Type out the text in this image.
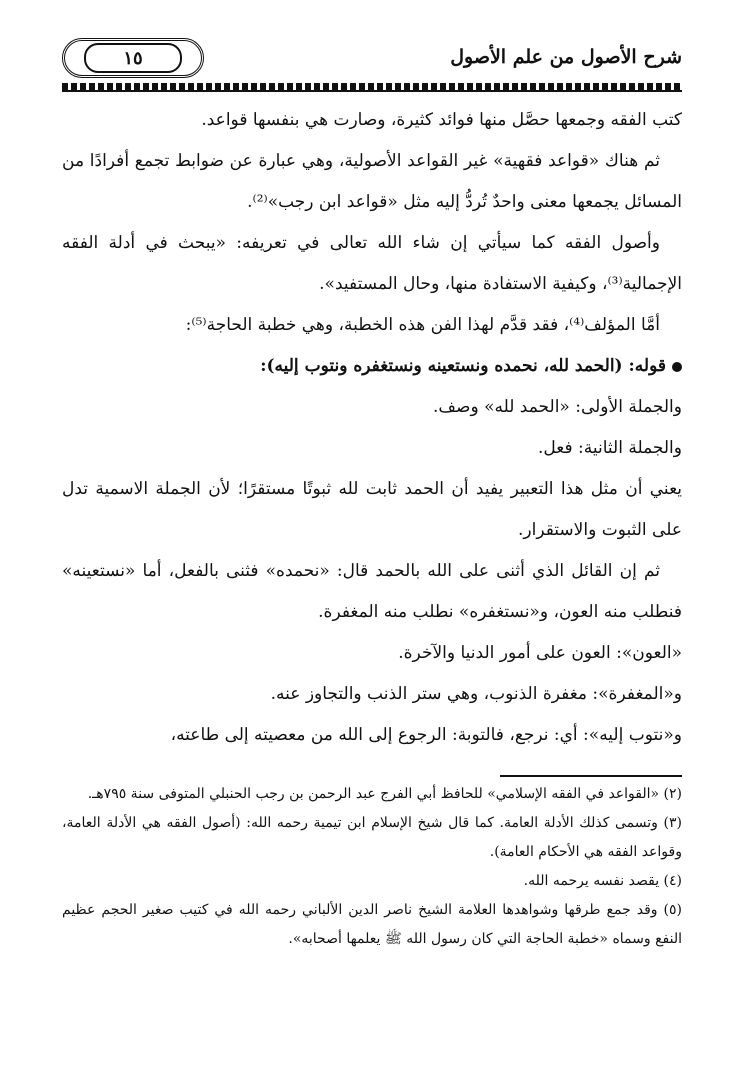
شرح الأصول من علم الأصول
١٥

كتب الفقه وجمعها حصَّل منها فوائد كثيرة، وصارت هي بنفسها قواعد.

ثم هناك «قواعد فقهية» غير القواعد الأصولية، وهي عبارة عن ضوابط تجمع أفرادًا من المسائل يجمعها معنى واحدٌ تُردُّ إليه مثل «قواعد ابن رجب»⁽²⁾.

وأصول الفقه كما سيأتي إن شاء الله تعالى في تعريفه: «يبحث في أدلة الفقه الإجمالية⁽³⁾، وكيفية الاستفادة منها، وحال المستفيد».

أمَّا المؤلف⁽⁴⁾، فقد قدَّم لهذا الفن هذه الخطبة، وهي خطبة الحاجة⁽⁵⁾:

قوله: (الحمد لله، نحمده ونستعينه ونستغفره ونتوب إليه):

والجملة الأولى: «الحمد لله» وصف.

والجملة الثانية: فعل.

يعني أن مثل هذا التعبير يفيد أن الحمد ثابت لله ثبوتًا مستقرًا؛ لأن الجملة الاسمية تدل على الثبوت والاستقرار.

ثم إن القائل الذي أثنى على الله بالحمد قال: «نحمده» فثنى بالفعل، أما «نستعينه» فنطلب منه العون، و«نستغفره» نطلب منه المغفرة.

«العون»: العون على أمور الدنيا والآخرة.

و«المغفرة»: مغفرة الذنوب، وهي ستر الذنب والتجاوز عنه.

و«نتوب إليه»: أي: نرجع، فالتوبة: الرجوع إلى الله من معصيته إلى طاعته،

(٢) «القواعد في الفقه الإسلامي» للحافظ أبي الفرج عبد الرحمن بن رجب الحنبلي المتوفى سنة ٧٩٥هـ.

(٣) وتسمى كذلك الأدلة العامة. كما قال شيخ الإسلام ابن تيمية رحمه الله: (أصول الفقه هي الأدلة العامة، وقواعد الفقه هي الأحكام العامة).

(٤) يقصد نفسه يرحمه الله.

(٥) وقد جمع طرقها وشواهدها العلامة الشيخ ناصر الدين الألباني رحمه الله في كتيب صغير الحجم عظيم النفع وسماه «خطبة الحاجة التي كان رسول الله ﷺ يعلمها أصحابه».
